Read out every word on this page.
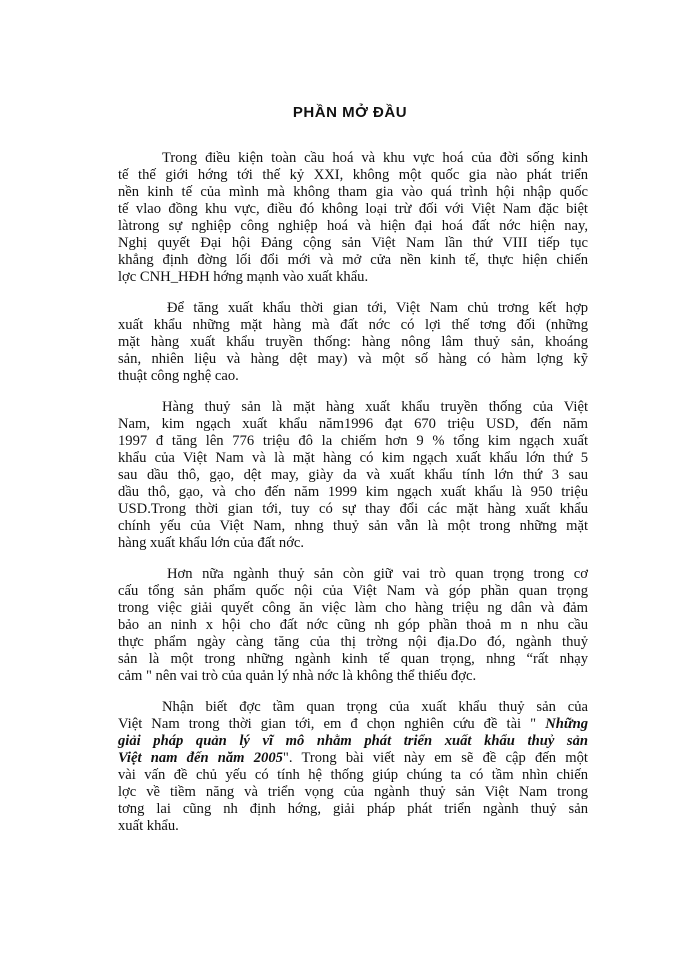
PHẦN MỞ ĐẦU

Trong điều kiện toàn cầu hoá và khu vực hoá của đời sống kinh
tế thế giới hớng tới thế kỷ XXI, không một quốc gia nào phát triển
nền kinh tế của mình mà không tham gia vào quá trình hội nhập quốc
tế vlao đồng khu vực, điều đó không loại trừ đối với Việt Nam đặc biệt
làtrong sự nghiệp công nghiệp hoá và hiện đại hoá đất nớc hiện nay,
Nghị quyết Đại hội Đảng cộng sản Việt Nam lần thứ VIII tiếp tục
khẳng định đờng lối đổi mới và mở cửa nền kinh tế, thực hiện chiến
lợc CNH_HĐH hớng mạnh vào xuất khẩu.

Để tăng xuất khẩu thời gian tới, Việt Nam chủ trơng kết hợp
xuất khẩu những mặt hàng mà đất nớc có lợi thế tơng đối (những
mặt hàng xuất khẩu truyền thống: hàng nông lâm thuỷ sản, khoáng
sản, nhiên liệu và hàng dệt may) và một số hàng có hàm lợng kỹ
thuật công nghệ cao.

Hàng thuỷ sản là mặt hàng xuất khẩu truyền thống của Việt
Nam, kim ngạch xuất khẩu năm1996 đạt 670 triệu USD, đến năm
1997 đ tăng lên 776 triệu đô la chiếm hơn 9 % tổng kim ngạch xuất
khẩu của Việt Nam và là mặt hàng có kim ngạch xuất khẩu lớn thứ 5
sau dầu thô, gạo, dệt may, giày da và xuất khẩu tính lớn thứ 3 sau
dầu thô, gạo, và cho đến năm 1999 kim ngạch xuất khẩu là 950 triệu
USD.Trong thời gian tới, tuy có sự thay đổi các mặt hàng xuất khẩu
chính yếu của Việt Nam, nhng thuỷ sản vẫn là một trong những mặt
hàng xuất khẩu lớn của đất nớc.

Hơn nữa ngành thuỷ sản còn giữ vai trò quan trọng trong cơ
cấu tổng sản phẩm quốc nội của Việt Nam và góp phần quan trọng
trong việc giải quyết công ăn việc làm cho hàng triệu ng dân và đảm
bảo an ninh x hội cho đất nớc cũng nh góp phần thoả m n nhu cầu
thực phẩm ngày càng tăng của thị trờng nội địa.Do đó, ngành thuỷ
sản là một trong những ngành kinh tế quan trọng, nhng “rất nhạy
cảm " nên vai trò của quản lý nhà nớc là không thể thiếu đợc.

Nhận biết đợc tầm quan trọng của xuất khẩu thuỷ sản của
Việt Nam trong thời gian tới, em đ chọn nghiên cứu đề tài " Những
giải pháp quản lý vĩ mô nhằm phát triển xuất khẩu thuỷ sản
Việt nam đến năm 2005". Trong bài viết này em sẽ đề cập đến một
vài vấn đề chủ yếu có tính hệ thống giúp chúng ta có tầm nhìn chiến
lợc về tiềm năng và triển vọng của ngành thuỷ sản Việt Nam trong
tơng lai cũng nh định hớng, giải pháp phát triển ngành thuỷ sản
xuất khẩu.
